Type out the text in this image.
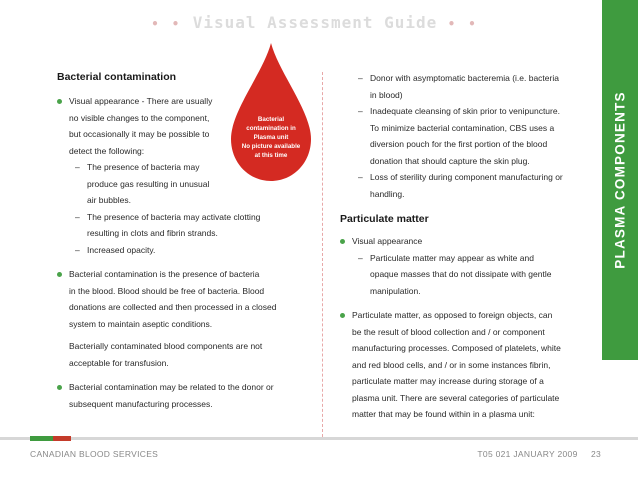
• • Visual Assessment Guide • •
PLASMA COMPONENTS
Bacterial
contamination in
Plasma unit
No picture available
at this time
Bacterial contamination
Visual appearance - There are usually
no visible changes to the component,
but occasionally it may be possible to
detect the following:
– The presence of bacteria may
produce gas resulting in unusual
air bubbles.
– The presence of bacteria may activate clotting
resulting in clots and fibrin strands.
– Increased opacity.
Bacterial contamination is the presence of bacteria
in the blood. Blood should be free of bacteria. Blood
donations are collected and then processed in a closed
system to maintain aseptic conditions.
Bacterially contaminated blood components are not
acceptable for transfusion.
Bacterial contamination may be related to the donor or
subsequent manufacturing processes.
– Donor with asymptomatic bacteremia (i.e. bacteria
in blood)
– Inadequate cleansing of skin prior to venipuncture.
To minimize bacterial contamination, CBS uses a
diversion pouch for the first portion of the blood
donation that should capture the skin plug.
– Loss of sterility during component manufacturing or
handling.
Particulate matter
Visual appearance
– Particulate matter may appear as white and
opaque masses that do not dissipate with gentle
manipulation.
Particulate matter, as opposed to foreign objects, can
be the result of blood collection and / or component
manufacturing processes. Composed of platelets, white
and red blood cells, and / or in some instances fibrin,
particulate matter may increase during storage of a
plasma unit. There are several categories of particulate
matter that may be found within in a plasma unit:
CANADIAN BLOOD SERVICES	T05 021 JANUARY 2009 23
